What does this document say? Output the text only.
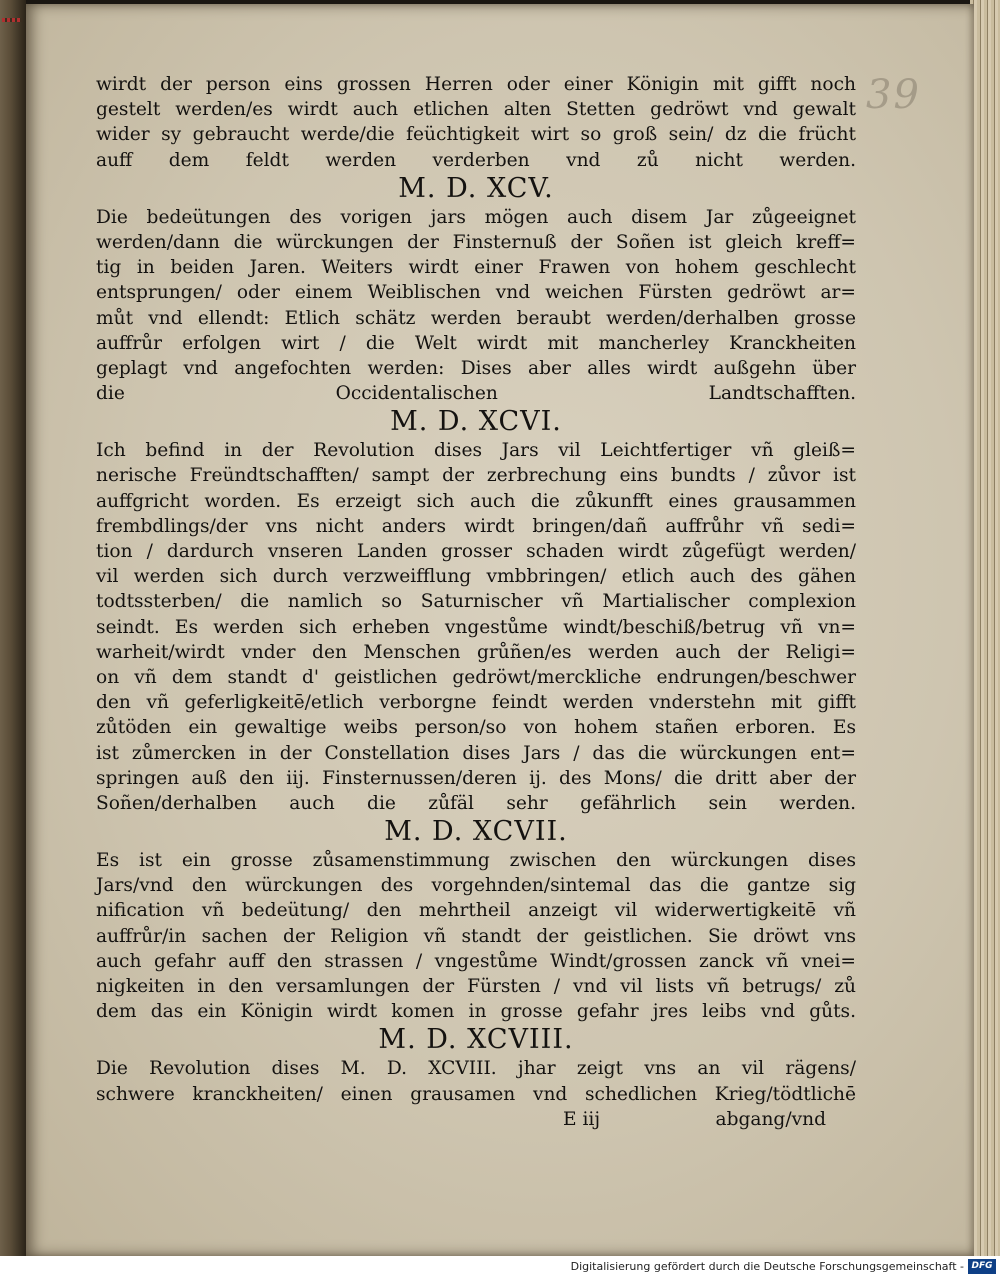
39
wirdt der person eins grossen Herren oder einer Königin mit gifft noch
gestelt werden/es wirdt auch etlichen alten Stetten gedröwt vnd gewalt
wider sy gebraucht werde/die feüchtigkeit wirt so groß sein/ dz die frücht
auff dem feldt werden verderben vnd zů nicht werden.
M. D. XCV.
Die bedeütungen des vorigen jars mögen auch disem Jar zůgeeignet
werden/dann die würckungen der Finsternuß der Soñen ist gleich kreff=
tig in beiden Jaren. Weiters wirdt einer Frawen von hohem geschlecht
entsprungen/ oder einem Weiblischen vnd weichen Fürsten gedröwt ar=
můt vnd ellendt: Etlich schätz werden beraubt werden/derhalben grosse
auffrůr erfolgen wirt / die Welt wirdt mit mancherley Kranckheiten
geplagt vnd angefochten werden: Dises aber alles wirdt außgehn über
die Occidentalischen Landtschafften.
M. D. XCVI.
Ich befind in der Revolution dises Jars vil Leichtfertiger vñ gleiß=
nerische Freündtschafften/ sampt der zerbrechung eins bundts / zůvor ist
auffgricht worden. Es erzeigt sich auch die zůkunfft eines grausammen
frembdlings/der vns nicht anders wirdt bringen/dañ auffrůhr vñ sedi=
tion / dardurch vnseren Landen grosser schaden wirdt zůgefügt werden/
vil werden sich durch verzweifflung vmbbringen/ etlich auch des gähen
todtssterben/ die namlich so Saturnischer vñ Martialischer complexion
seindt. Es werden sich erheben vngestůme windt/beschiß/betrug vñ vn=
warheit/wirdt vnder den Menschen grůñen/es werden auch der Religi=
on vñ dem standt d' geistlichen gedröwt/merckliche endrungen/beschwer
den vñ geferligkeitē/etlich verborgne feindt werden vnderstehn mit gifft
zůtöden ein gewaltige weibs person/so von hohem stañen erboren. Es
ist zůmercken in der Constellation dises Jars / das die würckungen ent=
springen auß den iij. Finsternussen/deren ij. des Mons/ die dritt aber der
Soñen/derhalben auch die zůfäl sehr gefährlich sein werden.
M. D. XCVII.
Es ist ein grosse zůsamenstimmung zwischen den würckungen dises
Jars/vnd den würckungen des vorgehnden/sintemal das die gantze sig
nification vñ bedeütung/ den mehrtheil anzeigt vil widerwertigkeitē vñ
auffrůr/in sachen der Religion vñ standt der geistlichen. Sie dröwt vns
auch gefahr auff den strassen / vngestůme Windt/grossen zanck vñ vnei=
nigkeiten in den versamlungen der Fürsten / vnd vil lists vñ betrugs/ zů
dem das ein Königin wirdt komen in grosse gefahr jres leibs vnd gůts.
M. D. XCVIII.
Die Revolution dises M. D. XCVIII. jhar zeigt vns an vil rägens/
schwere kranckheiten/ einen grausamen vnd schedlichen Krieg/tödtlichē
E iij	abgang/vnd
Digitalisierung gefördert durch die Deutsche Forschungsgemeinschaft - DFG
